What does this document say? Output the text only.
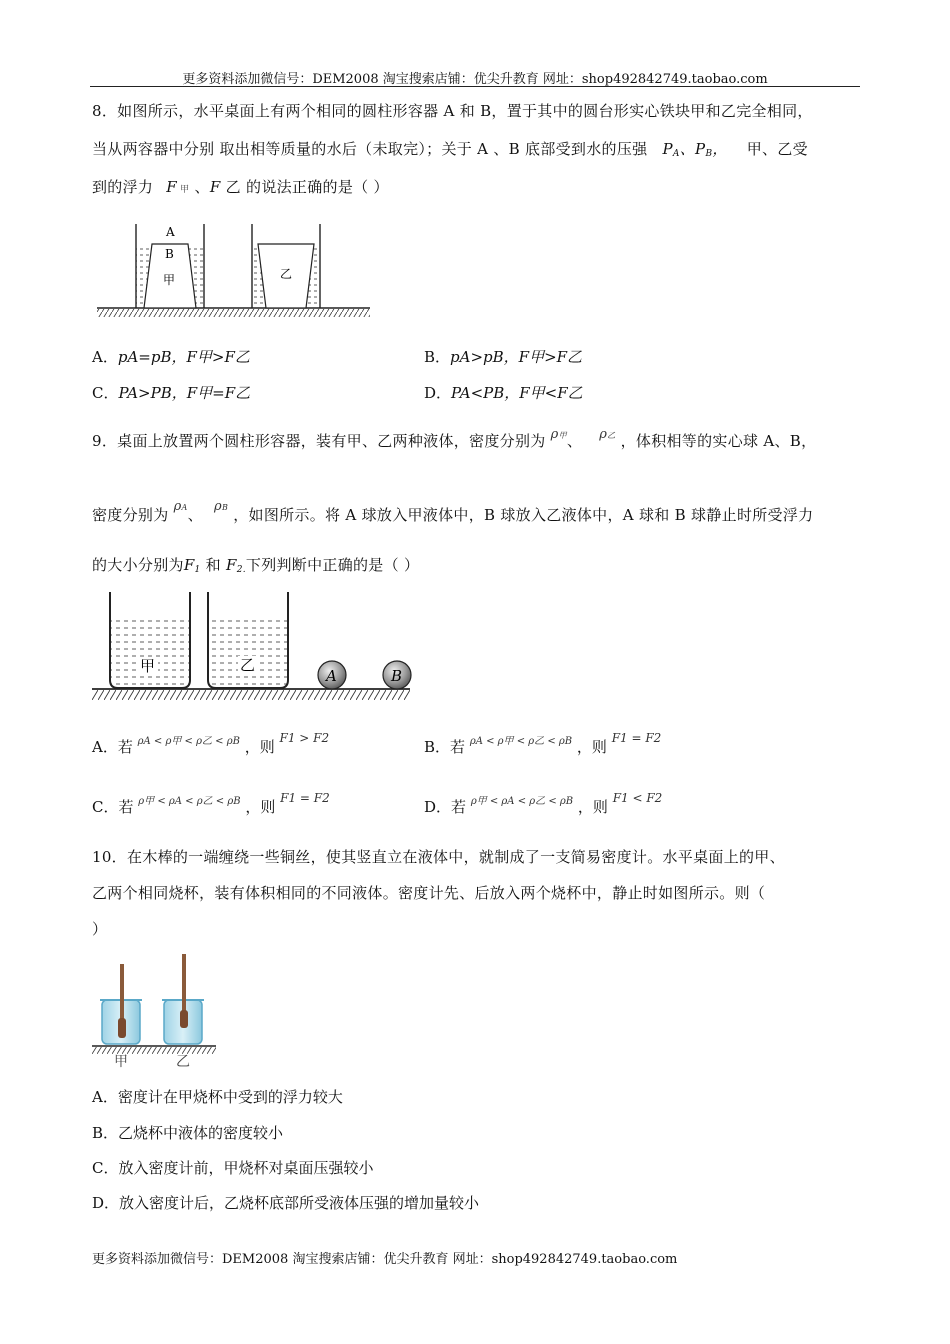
更多资料添加微信号：DEM2008 淘宝搜索店铺：优尖升教育 网址：shop492842749.taobao.com
8．如图所示，水平桌面上有两个相同的圆柱形容器 A 和 B，置于其中的圆台形实心铁块甲和乙完全相同，
当从两容器中分别 取出相等质量的水后（未取完）；关于 A 、B 底部受到水的压强 $P_A$、$P_B$， 甲、乙受
到的浮力 F 甲 、F 乙 的说法正确的是（ ）
A
B
甲	乙
A．pA=pB，F甲>F乙	B．pA>pB，F甲>F乙
C．PA>PB，F甲=F乙	D．PA<PB，F甲<F乙
9．桌面上放置两个圆柱形容器，装有甲、乙两种液体，密度分别为 ρ甲、 ρ乙 ，体积相等的实心球 A、B，
密度分别为 ρA、 ρB ，如图所示。将 A 球放入甲液体中，B 球放入乙液体中，A 球和 B 球静止时所受浮力
的大小分别为$F_1$ 和 $F_{2.}$下列判断中正确的是（ ）
甲	乙
A	B
A．若 $^{\rho A < \rho 甲 < \rho 乙 < \rho B}$ ，则 $^{F1 > F2}$	B．若 $^{\rho A < \rho 甲 < \rho 乙 < \rho B}$ ，则 $^{F1 = F2}$
C．若 $^{\rho 甲 < \rho A < \rho 乙 < \rho B}$ ，则 $^{F1 = F2}$	D．若 $^{\rho 甲 < \rho A < \rho 乙 < \rho B}$ ，则 $^{F1 < F2}$
10．在木棒的一端缠绕一些铜丝，使其竖直立在液体中，就制成了一支简易密度计。水平桌面上的甲、
乙两个相同烧杯，装有体积相同的不同液体。密度计先、后放入两个烧杯中，静止时如图所示。则（
）
甲	乙
A．密度计在甲烧杯中受到的浮力较大
B．乙烧杯中液体的密度较小
C．放入密度计前，甲烧杯对桌面压强较小
D．放入密度计后，乙烧杯底部所受液体压强的增加量较小
更多资料添加微信号：DEM2008 淘宝搜索店铺：优尖升教育 网址：shop492842749.taobao.com
